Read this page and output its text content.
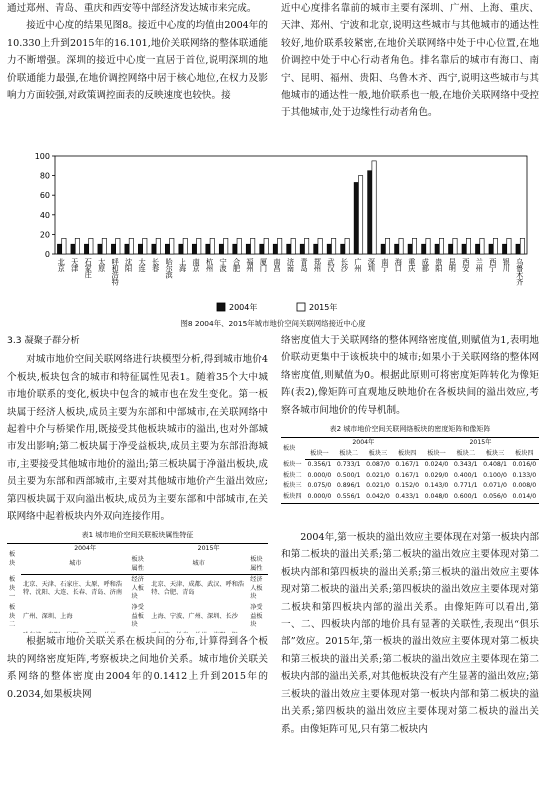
通过郑州、青岛、重庆和西安等中部经济发达城市来完成。

接近中心度的结果见图8。接近中心度的均值由2004年的10.330上升到2015年的16.101,地价关联网络的整体联通能力不断增强。深圳的接近中心度一直居于首位,说明深圳的地价联通能力最强,在地价调控网络中居于核心地位,在权力及影响力方面较强,对政策调控面表的反映速度也较快。接

近中心度排名靠前的城市主要有深圳、广州、上海、重庆、天津、郑州、宁波和北京,说明这些城市与其他城市的通达性较好,地价联系较紧密,在地价关联网络中处于中心位置,在地价调控中处于中心行动者角色。排名靠后的城市有海口、南宁、昆明、福州、贵阳、乌鲁木齐、西宁,说明这些城市与其他城市的通达性一般,地价联系也一般,在地价关联网络中受控于其他城市,处于边缘性行动者角色。

0
20
40
60
80
100
北京 天津 石家庄 太原 呼和浩特 沈阳 大连 长春 哈尔滨 上海 南京 杭州 宁波 合肥 福州 厦门 南昌 济南 青岛 郑州 武汉 长沙 广州 深圳 南宁 海口 重庆 成都 贵阳 昆明 西安 兰州 西宁 银川 乌鲁木齐
2004年	2015年
图8 2004年、2015年城市地价空间关联网络接近中心度
3.3 凝聚子群分析

对城市地价空间关联网络进行块模型分析,得到城市地价4个板块,板块包含的城市和特征属性见表1。随着35个大中城市地价联系的变化,板块中包含的城市也在发生变化。第一板块属于经济人板块,成员主要为东部和中部城市,在关联网络中起着中介与桥梁作用,既接受其他板块城市的溢出,也对外部城市发出影响;第二板块属于净受益板块,成员主要为东部沿海城市,主要接受其他城市地价的溢出;第三板块属于净溢出板块,成员主要为东部和西部城市,主要对其他城市地价产生溢出效应;第四板块属于双向溢出板块,成员为主要东部和中部城市,在关联网络中起着板块内外双向连接作用。

表1 城市地价空间关联板块属性特征
板块	2004年		2015年	
	城市	板块属性	城市	板块属性
板块一	北京、天津、石家庄、太原、呼和浩特、沈阳、大连、长春、青岛、济南	经济人板块	北京、天津、成都、武汉、呼和浩特、合肥、青岛	经济人板块
板块二	广州、深圳、上海	净受益板块	上海、宁波、广州、深圳、长沙	净受益板块

根据城市地价关联关系在板块间的分布,计算得到各个板块的网络密度矩阵,考察板块之间地价关系。城市地价关联关系网络的整体密度由2004年的0.1412上升到2015年的0.2034,如果板块网

络密度值大于关联网络的整体网络密度值,则赋值为1,表明地价联动更集中于该板块中的城市;如果小于关联网络的整体网络密度值,则赋值为0。根据此原则可将密度矩阵转化为像矩阵(表2),像矩阵可直观地反映地价在各板块间的溢出效应,考察各城市间地价的传导机制。

表2 城市地价空间关联网络板块的密度矩阵和像矩阵
板块	2004年				2015年			
	板块一	板块二	板块三	板块四	板块一	板块二	板块三	板块四
板块一	0.356/1	0.733/1	0.087/0	0.167/1	0.024/0	0.343/1	0.408/1	0.016/0
板块二	0.000/0	0.500/1	0.021/0	0.167/1	0.029/0	0.400/1	0.100/0	0.133/0
板块三	0.075/0	0.896/1	0.021/0	0.152/0	0.143/0	0.771/1	0.071/0	0.008/0
板块四	0.000/0	0.556/1	0.042/0	0.433/1	0.048/0	0.600/1	0.056/0	0.014/0

2004年,第一板块的溢出效应主要体现在对第一板块内部和第二板块的溢出关系;第二板块的溢出效应主要体现对第二板块内部和第四板块的溢出关系;第三板块的溢出效应主要体现对第二板块的溢出关系;第四板块的溢出效应主要体现对第二板块和第四板块内部的溢出关系。由像矩阵可以看出,第一、二、四板块内部的地价具有显著的关联性,表现出“俱乐部”效应。2015年,第一板块的溢出效应主要体现对第二板块和第三板块的溢出关系;第二板块的溢出效应主要体现在第二板块内部的溢出关系,对其他板块没有产生显著的溢出效应;第三板块的溢出效应主要体现对第一板块内部和第二板块的溢出关系;第四板块的溢出效应主要体现对第二板块的溢出关系。由像矩阵可见,只有第二板块内
